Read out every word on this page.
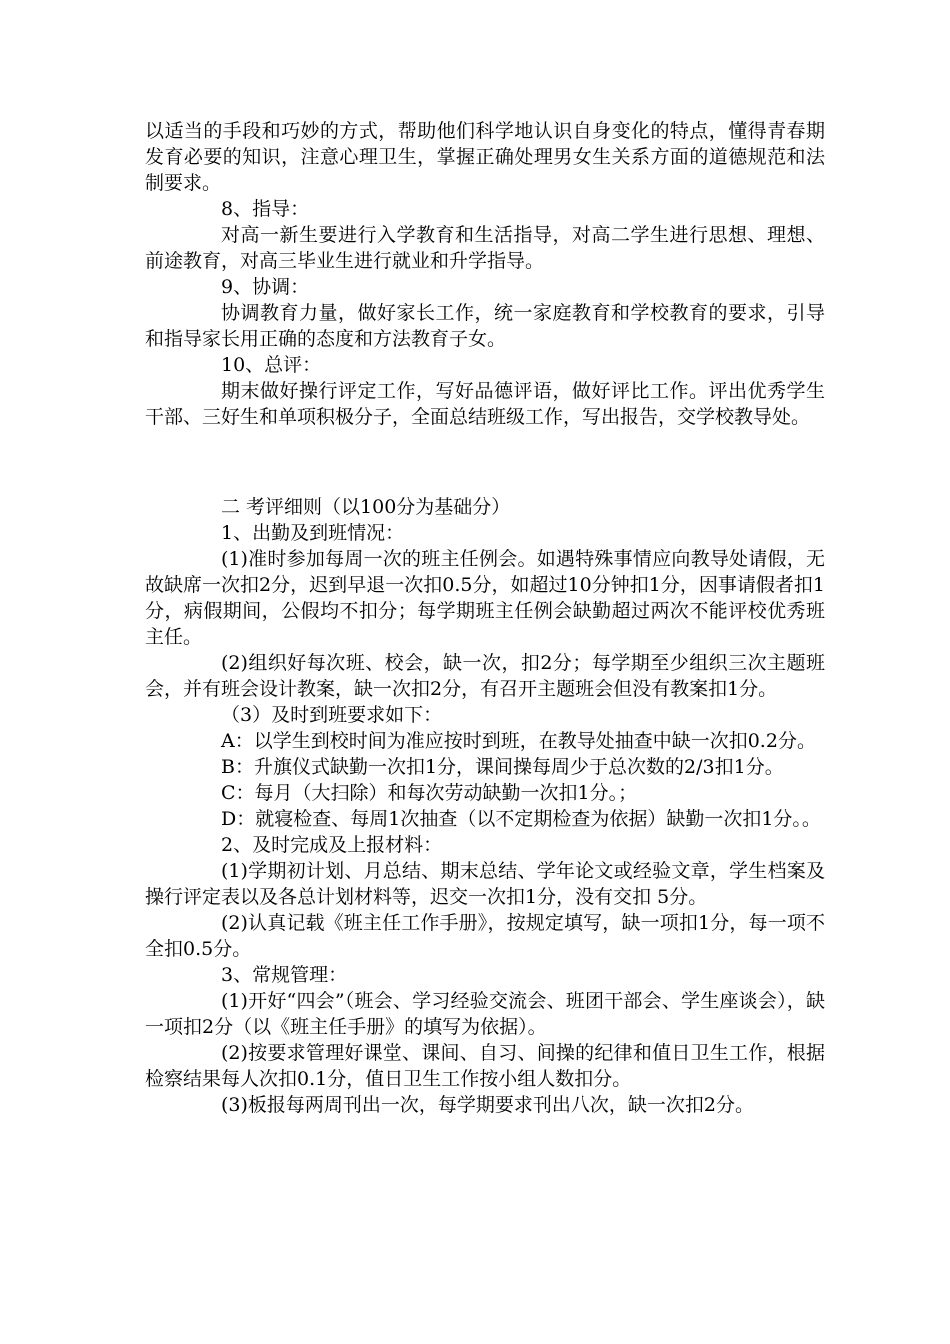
以适当的手段和巧妙的方式，帮助他们科学地认识自身变化的特点，懂得青春期发育必要的知识，注意心理卫生，掌握正确处理男女生关系方面的道德规范和法制要求。

8、指导：

对高一新生要进行入学教育和生活指导，对高二学生进行思想、理想、前途教育，对高三毕业生进行就业和升学指导。

9、协调：

协调教育力量，做好家长工作，统一家庭教育和学校教育的要求，引导和指导家长用正确的态度和方法教育子女。

10、总评：

期末做好操行评定工作，写好品德评语，做好评比工作。评出优秀学生干部、三好生和单项积极分子，全面总结班级工作，写出报告，交学校教导处。

二 考评细则（以100分为基础分）

1、出勤及到班情况：

(1)准时参加每周一次的班主任例会。如遇特殊事情应向教导处请假，无故缺席一次扣2分，迟到早退一次扣0.5分，如超过10分钟扣1分，因事请假者扣1分，病假期间，公假均不扣分；每学期班主任例会缺勤超过两次不能评校优秀班主任。

(2)组织好每次班、校会，缺一次，扣2分；每学期至少组织三次主题班会，并有班会设计教案，缺一次扣2分，有召开主题班会但没有教案扣1分。

（3）及时到班要求如下：

A：以学生到校时间为准应按时到班，在教导处抽查中缺一次扣0.2分。

B：升旗仪式缺勤一次扣1分，课间操每周少于总次数的2/3扣1分。

C：每月（大扫除）和每次劳动缺勤一次扣1分。；

D：就寝检查、每周1次抽查（以不定期检查为依据）缺勤一次扣1分。。

2、及时完成及上报材料：

(1)学期初计划、月总结、期末总结、学年论文或经验文章，学生档案及操行评定表以及各总计划材料等，迟交一次扣1分，没有交扣 5分。

(2)认真记载《班主任工作手册》，按规定填写，缺一项扣1分，每一项不全扣0.5分。

3、常规管理：

(1)开好“四会”（班会、学习经验交流会、班团干部会、学生座谈会），缺一项扣2分（以《班主任手册》的填写为依据）。

(2)按要求管理好课堂、课间、自习、间操的纪律和值日卫生工作，根据检察结果每人次扣0.1分，值日卫生工作按小组人数扣分。

(3)板报每两周刊出一次，每学期要求刊出八次，缺一次扣2分。
